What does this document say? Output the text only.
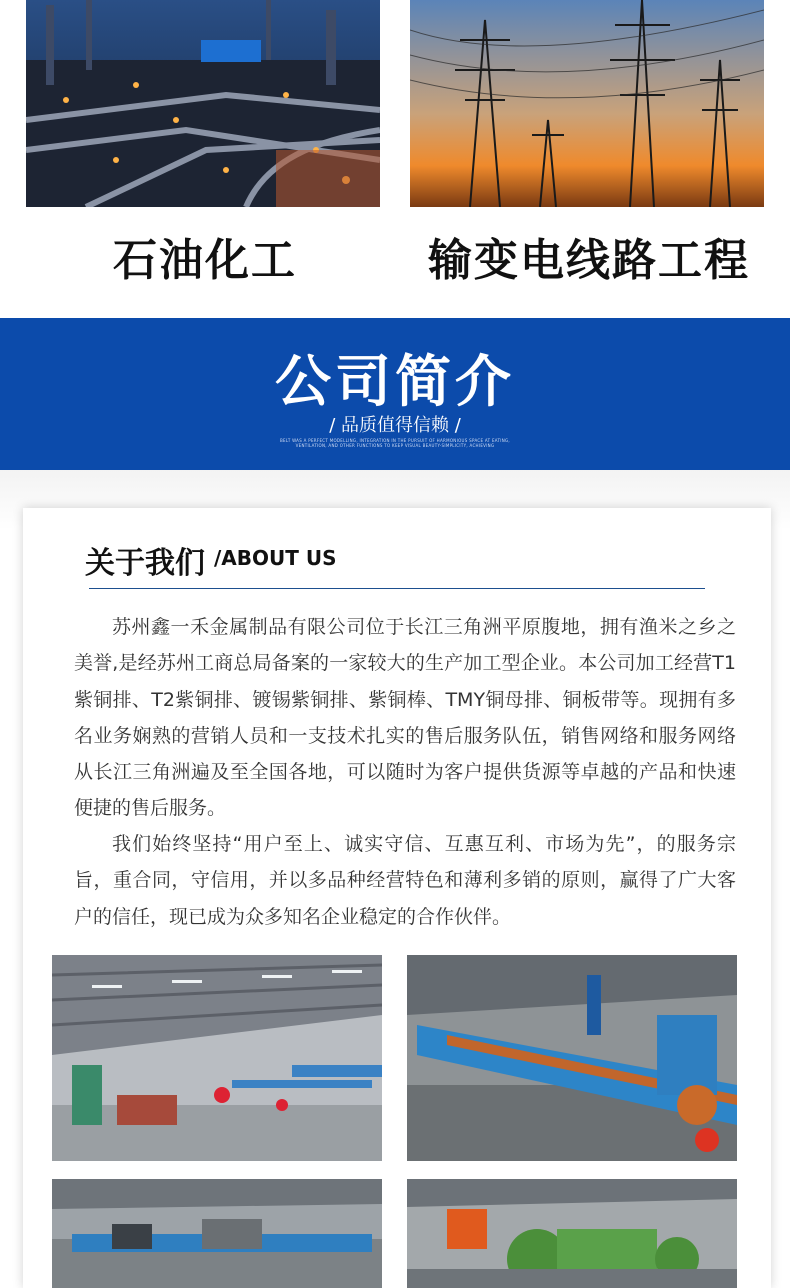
石油化工	输变电线路工程
公司简介
/ 品质值得信赖 /
BELT WAS A PERFECT MODELLING, INTEGRATION IN THE PURSUIT OF HARMONIOUS SPACE AT EATING, VENTILATION, AND OTHER FUNCTIONS TO KEEP VISUAL BEAUTY-SIMPLICITY, ACHIEVING
关于我们 /ABOUT US

苏州鑫一禾金属制品有限公司位于长江三角洲平原腹地，拥有渔米之乡之美誉,是经苏州工商总局备案的一家较大的生产加工型企业。本公司加工经营T1紫铜排、T2紫铜排、镀锡紫铜排、紫铜棒、TMY铜母排、铜板带等。现拥有多名业务娴熟的营销人员和一支技术扎实的售后服务队伍，销售网络和服务网络从长江三角洲遍及至全国各地，可以随时为客户提供货源等卓越的产品和快速便捷的售后服务。

我们始终坚持“用户至上、诚实守信、互惠互利、市场为先”，的服务宗旨，重合同，守信用，并以多品种经营特色和薄利多销的原则，赢得了广大客户的信任，现已成为众多知名企业稳定的合作伙伴。
